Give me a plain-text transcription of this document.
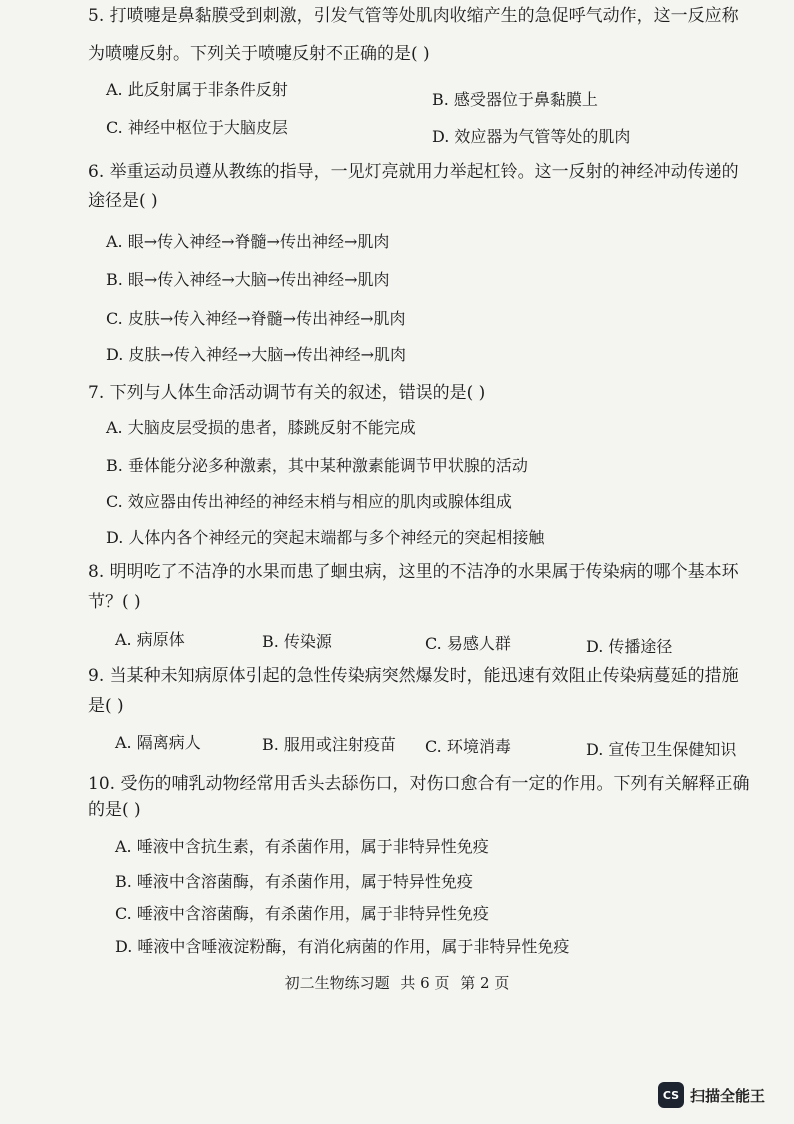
5. 打喷嚏是鼻黏膜受到刺激，引发气管等处肌肉收缩产生的急促呼气动作，这一反应称
为喷嚏反射。下列关于喷嚏反射不正确的是( )
A. 此反射属于非条件反射
B. 感受器位于鼻黏膜上
C. 神经中枢位于大脑皮层	D. 效应器为气管等处的肌肉
6. 举重运动员遵从教练的指导，一见灯亮就用力举起杠铃。这一反射的神经冲动传递的
途径是( )
A. 眼→传入神经→脊髓→传出神经→肌肉
B. 眼→传入神经→大脑→传出神经→肌肉
C. 皮肤→传入神经→脊髓→传出神经→肌肉
D. 皮肤→传入神经→大脑→传出神经→肌肉
7. 下列与人体生命活动调节有关的叙述，错误的是( )
A. 大脑皮层受损的患者，膝跳反射不能完成
B. 垂体能分泌多种激素，其中某种激素能调节甲状腺的活动
C. 效应器由传出神经的神经末梢与相应的肌肉或腺体组成
D. 人体内各个神经元的突起末端都与多个神经元的突起相接触
8. 明明吃了不洁净的水果而患了蛔虫病，这里的不洁净的水果属于传染病的哪个基本环
节？( )
A. 病原体	B. 传染源	C. 易感人群	D. 传播途径
9. 当某种未知病原体引起的急性传染病突然爆发时，能迅速有效阻止传染病蔓延的措施
是( )
A. 隔离病人	B. 服用或注射疫苗 C. 环境消毒	D. 宣传卫生保健知识
10. 受伤的哺乳动物经常用舌头去舔伤口，对伤口愈合有一定的作用。下列有关解释正确
的是( )
A. 唾液中含抗生素，有杀菌作用，属于非特异性免疫
B. 唾液中含溶菌酶，有杀菌作用，属于特异性免疫
C. 唾液中含溶菌酶，有杀菌作用，属于非特异性免疫
D. 唾液中含唾液淀粉酶，有消化病菌的作用，属于非特异性免疫
初二生物练习题 共 6 页 第 2 页
CS 扫描全能王
